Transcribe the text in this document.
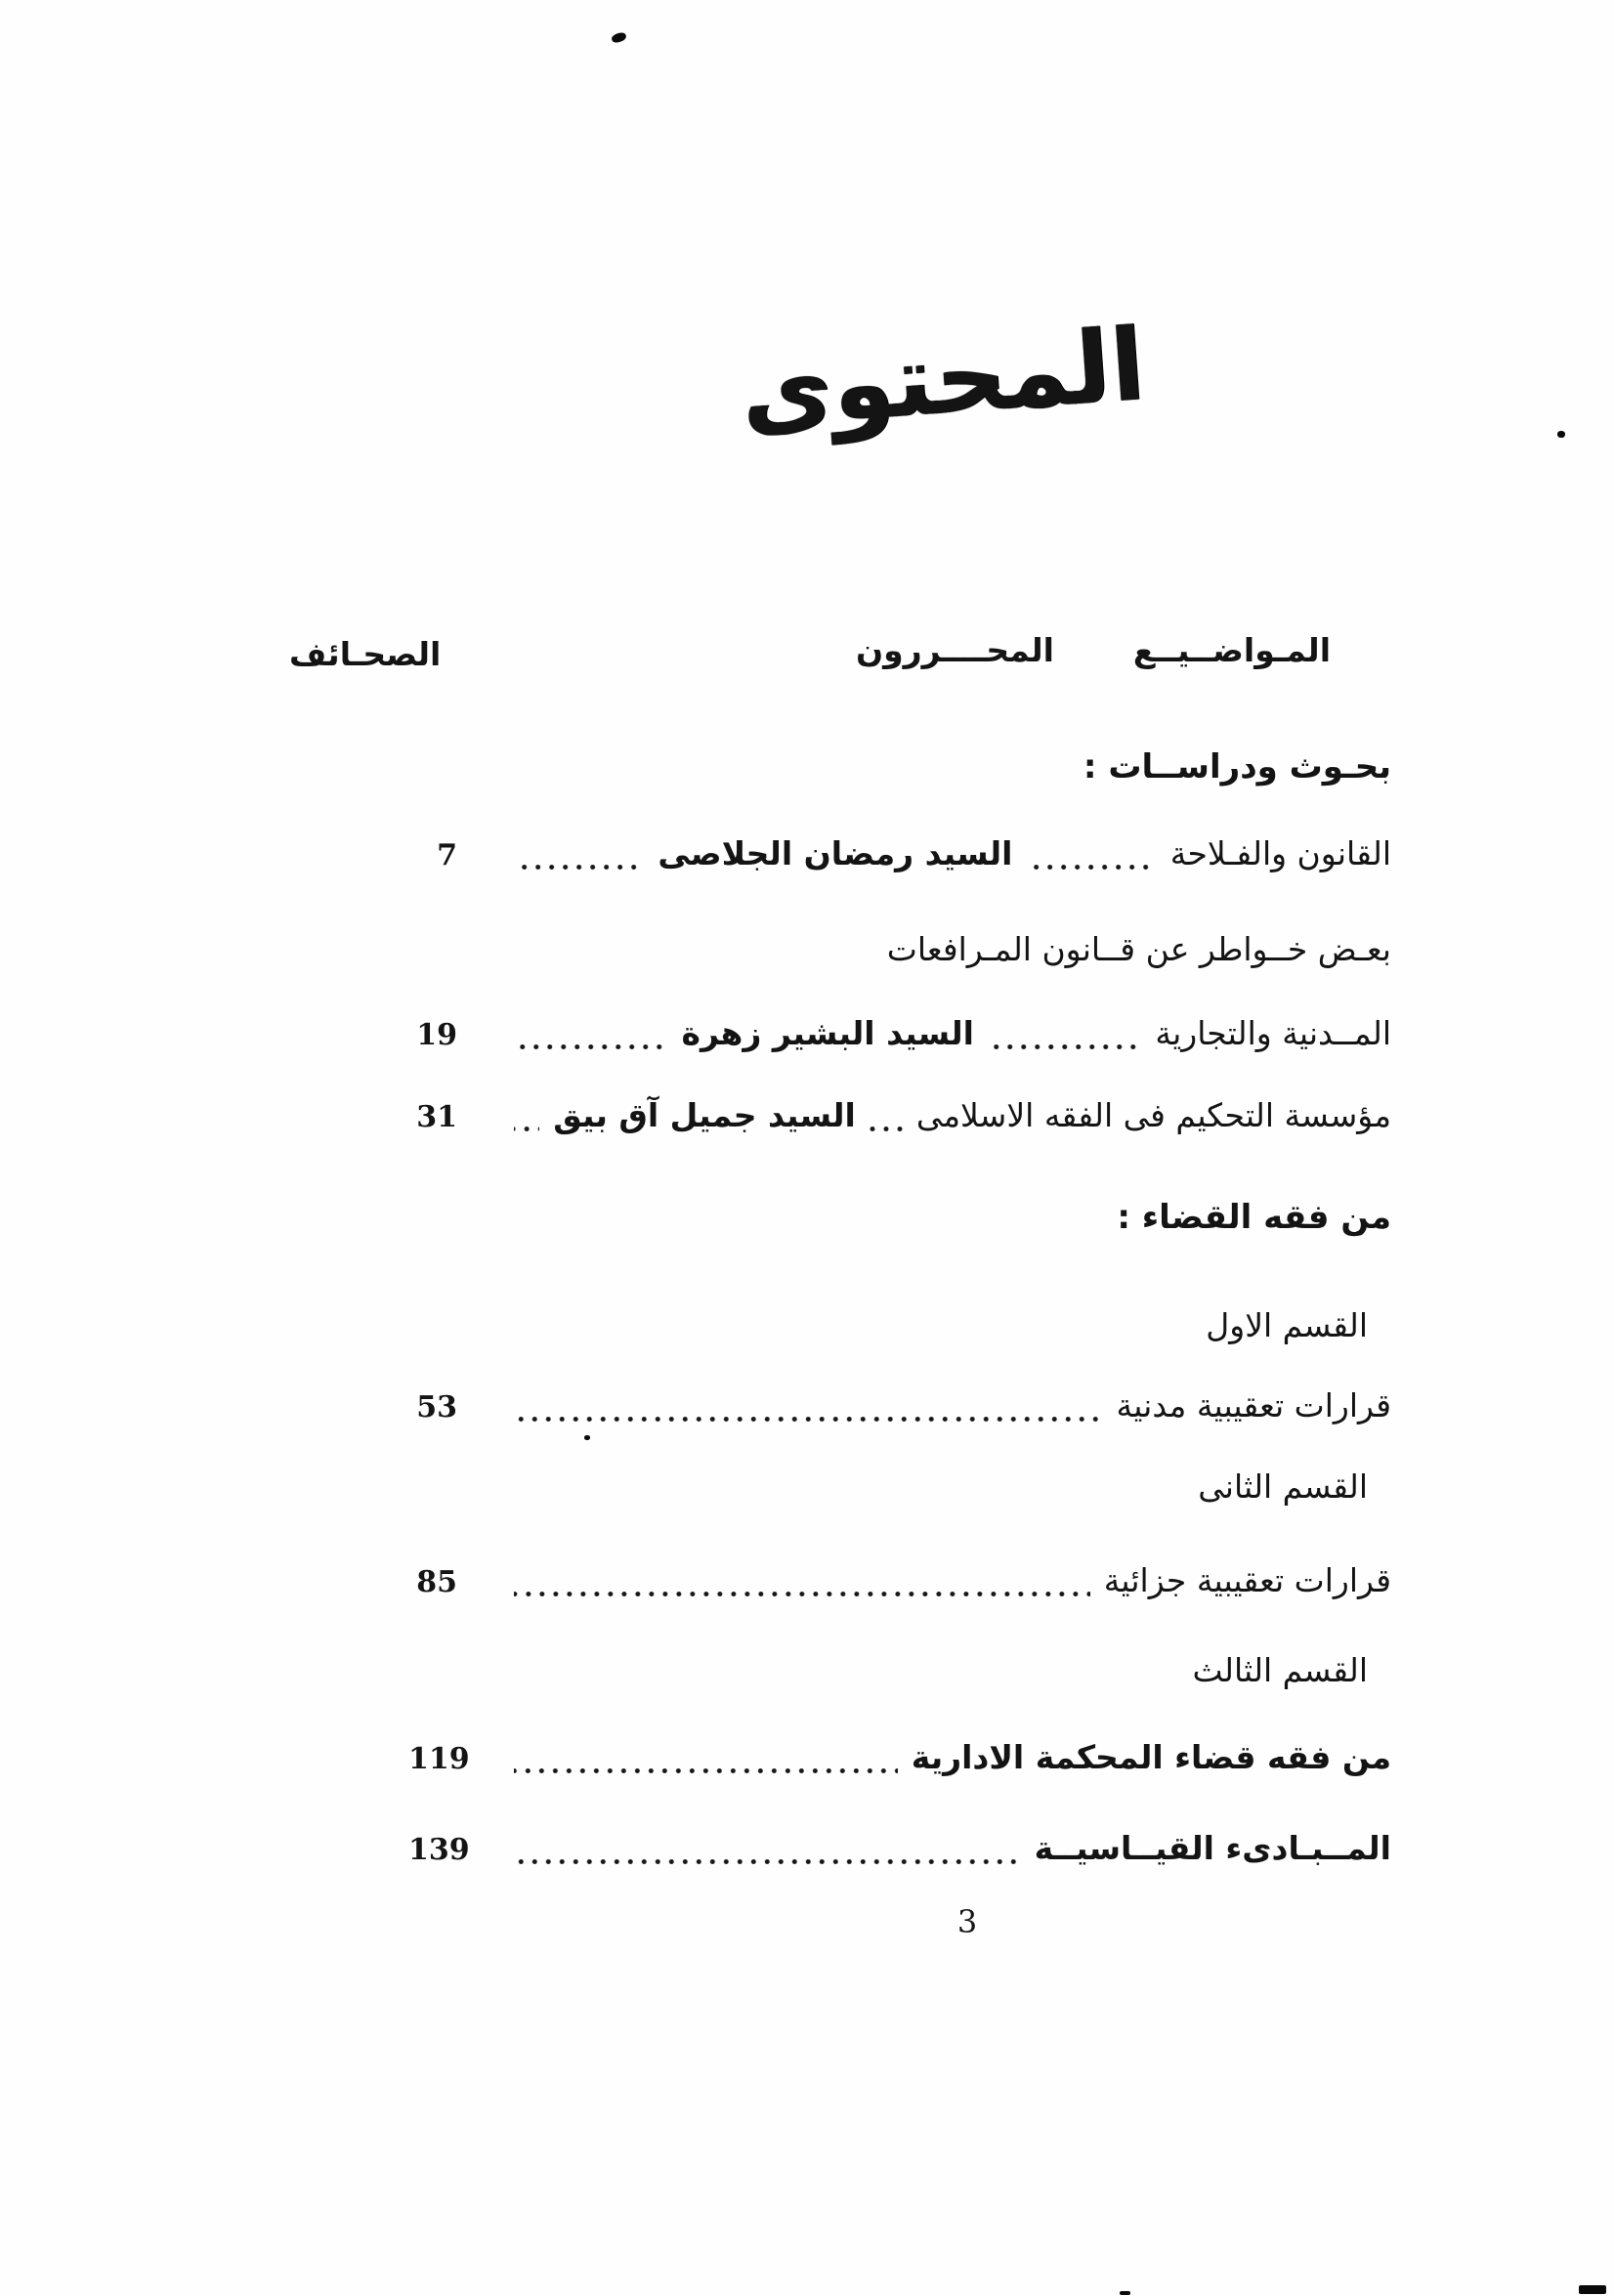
المحتوى
المـواضــيــع
المحــــررون
الصحـائف
بحـوث ودراســات :
القانون والفـلاحة
السيد رمضان الجلاصى
7
بعـض خــواطر عن قــانون المـرافعات
المــدنية والتجارية
السيد البشير زهرة
19
مؤسسة التحكيم فى الفقه الاسلامى
السيد جميل آق بيق
31
من فقه القضاء :
القسم الاول
قرارات تعقيبية مدنية
53
القسم الثانى
قرارات تعقيبية جزائية
85
القسم الثالث
من فقه قضاء المحكمة الادارية
119
المــبـادىء القيــاسيــة
139
3
